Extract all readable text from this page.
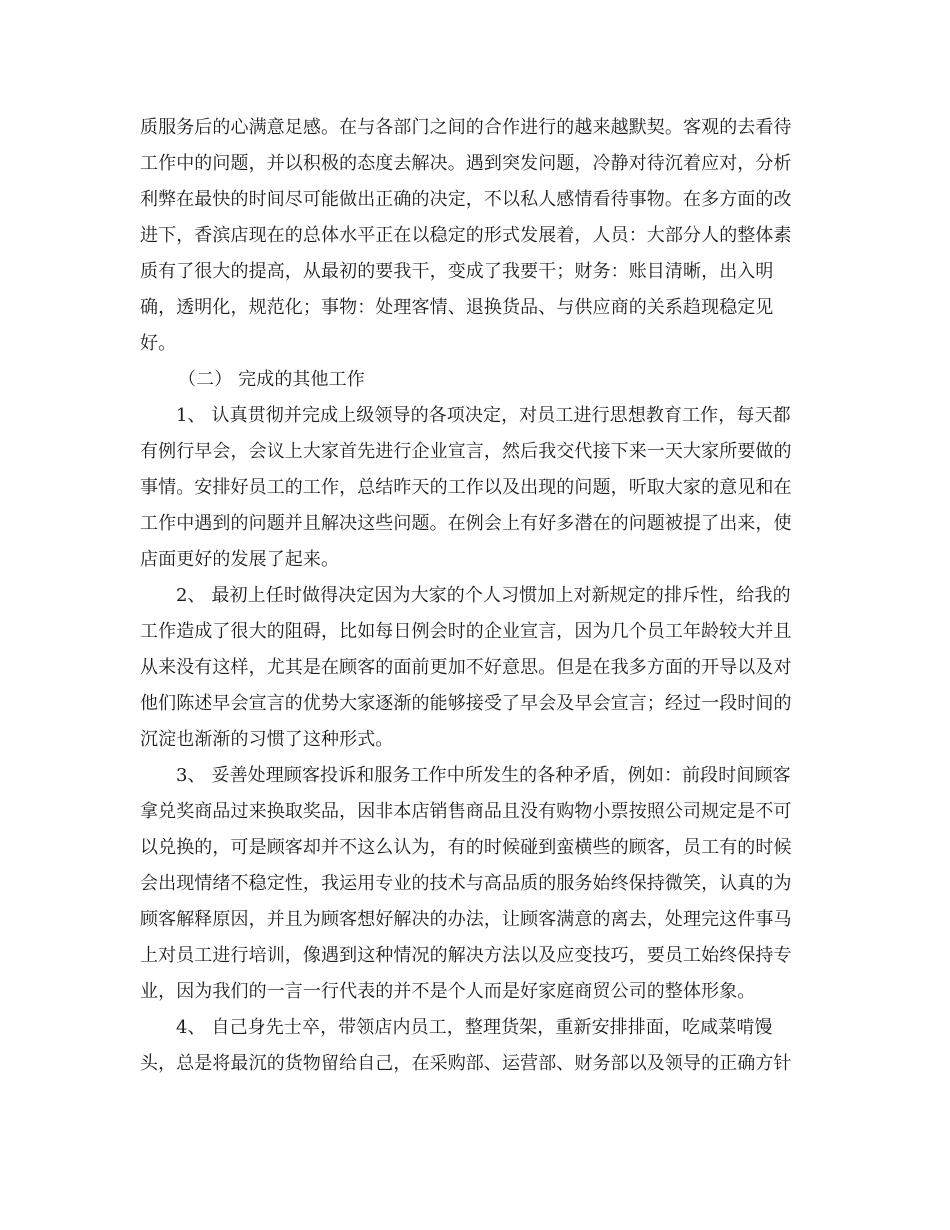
质服务后的心满意足感。在与各部门之间的合作进行的越来越默契。客观的去看待
工作中的问题，并以积极的态度去解决。遇到突发问题，冷静对待沉着应对，分析
利弊在最快的时间尽可能做出正确的决定，不以私人感情看待事物。在多方面的改
进下，香滨店现在的总体水平正在以稳定的形式发展着，人员：大部分人的整体素
质有了很大的提高，从最初的要我干，变成了我要干；财务：账目清晰，出入明
确，透明化，规范化；事物：处理客情、退换货品、与供应商的关系趋现稳定见
好。
（二） 完成的其他工作
1、 认真贯彻并完成上级领导的各项决定，对员工进行思想教育工作，每天都
有例行早会，会议上大家首先进行企业宣言，然后我交代接下来一天大家所要做的
事情。安排好员工的工作，总结昨天的工作以及出现的问题，听取大家的意见和在
工作中遇到的问题并且解决这些问题。在例会上有好多潜在的问题被提了出来，使
店面更好的发展了起来。
2、 最初上任时做得决定因为大家的个人习惯加上对新规定的排斥性，给我的
工作造成了很大的阻碍，比如每日例会时的企业宣言，因为几个员工年龄较大并且
从来没有这样，尤其是在顾客的面前更加不好意思。但是在我多方面的开导以及对
他们陈述早会宣言的优势大家逐渐的能够接受了早会及早会宣言；经过一段时间的
沉淀也渐渐的习惯了这种形式。
3、 妥善处理顾客投诉和服务工作中所发生的各种矛盾，例如：前段时间顾客
拿兑奖商品过来换取奖品，因非本店销售商品且没有购物小票按照公司规定是不可
以兑换的，可是顾客却并不这么认为，有的时候碰到蛮横些的顾客，员工有的时候
会出现情绪不稳定性，我运用专业的技术与高品质的服务始终保持微笑，认真的为
顾客解释原因，并且为顾客想好解决的办法，让顾客满意的离去，处理完这件事马
上对员工进行培训，像遇到这种情况的解决方法以及应变技巧，要员工始终保持专
业，因为我们的一言一行代表的并不是个人而是好家庭商贸公司的整体形象。
4、 自己身先士卒，带领店内员工，整理货架，重新安排排面，吃咸菜啃馒
头，总是将最沉的货物留给自己，在采购部、运营部、财务部以及领导的正确方针
